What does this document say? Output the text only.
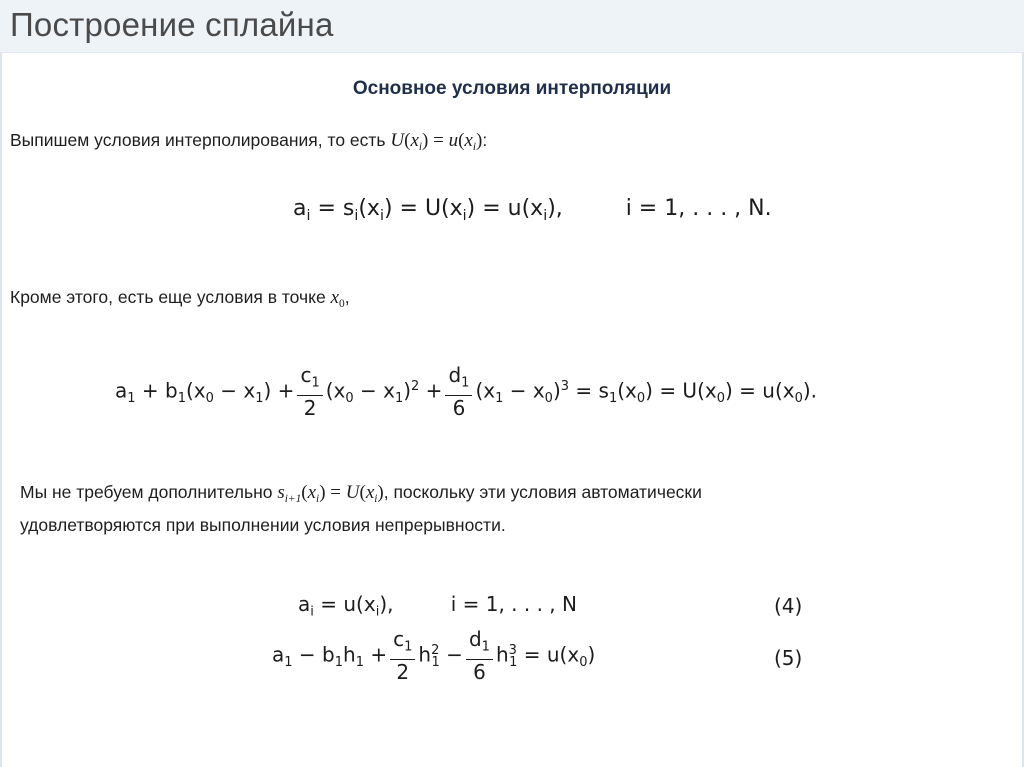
Построение сплайна
Основное условия интерполяции
Выпишем условия интерполирования, то есть $U(x_i) = u(x_i)$:
$a_i = s_i(x_i) = U(x_i) = u(x_i)$,         i = 1, . . . , N.
Кроме этого, есть еще условия в точке $x_0$,
$a_1 + b_1(x_0 - x_1) + \frac{c_1}{2} (x_0 - x_1)^2 + \frac{d_1}{6} (x_1 - x_0)^3 = s_1(x_0) = U(x_0) = u(x_0)$.
Мы не требуем дополнительно $s_{i+1}(x_i) = U(x_i)$, поскольку эти условия автоматически
удовлетворяются при выполнении условия непрерывности.
$a_i = u(x_i)$,         i = 1, . . . , N	(4)
$a_1 - b_1h_1 + \frac{c_1}{2} h^2_1 - \frac{d_1}{6} h^3_1 = u(x_0)$	(5)
